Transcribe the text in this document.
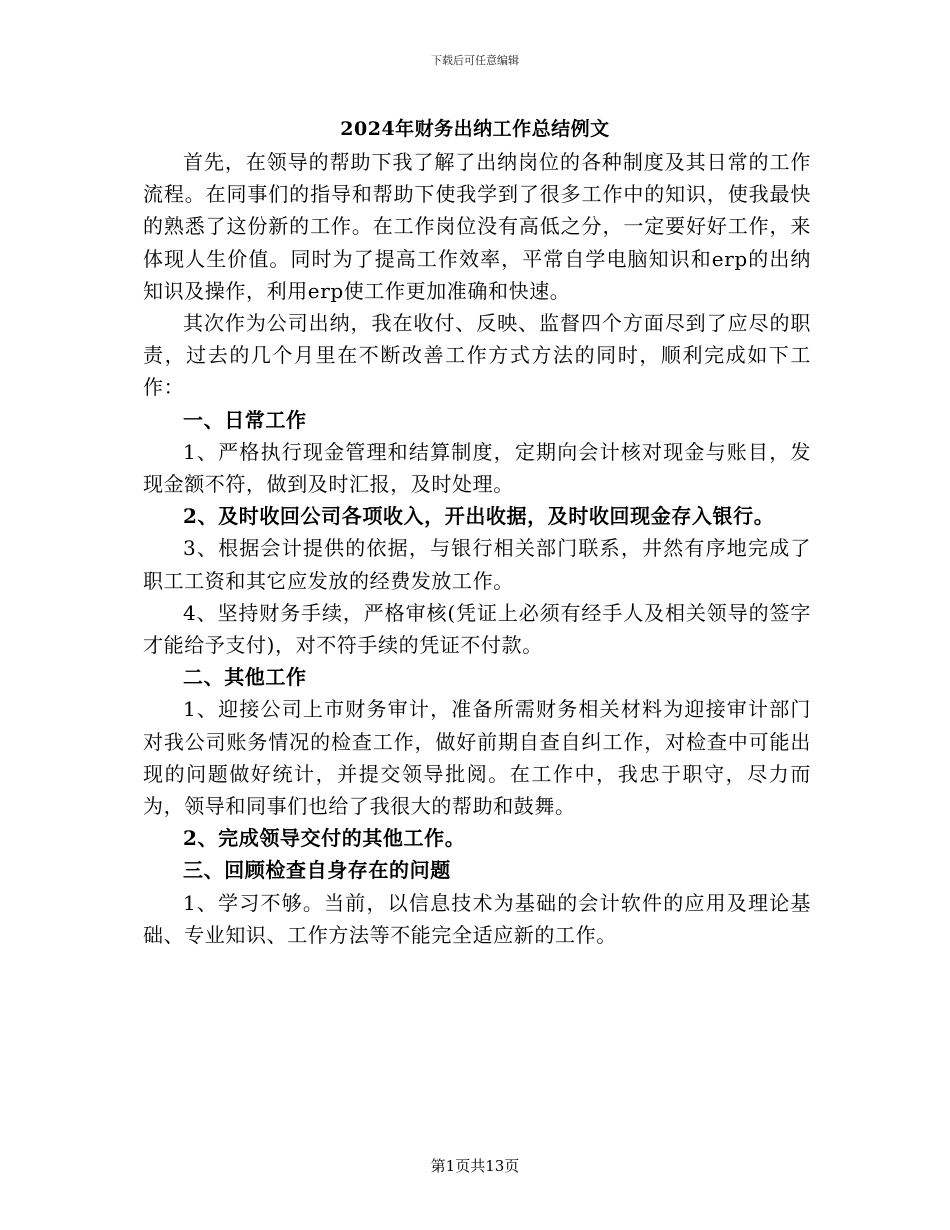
下载后可任意编辑
2024年财务出纳工作总结例文

首先，在领导的帮助下我了解了出纳岗位的各种制度及其日常的工作流程。在同事们的指导和帮助下使我学到了很多工作中的知识，使我最快的熟悉了这份新的工作。在工作岗位没有高低之分，一定要好好工作，来体现人生价值。同时为了提高工作效率，平常自学电脑知识和erp的出纳知识及操作，利用erp使工作更加准确和快速。

其次作为公司出纳，我在收付、反映、监督四个方面尽到了应尽的职责，过去的几个月里在不断改善工作方式方法的同时，顺利完成如下工作：

一、日常工作

1、严格执行现金管理和结算制度，定期向会计核对现金与账目，发现金额不符，做到及时汇报，及时处理。

2、及时收回公司各项收入，开出收据，及时收回现金存入银行。

3、根据会计提供的依据，与银行相关部门联系，井然有序地完成了职工工资和其它应发放的经费发放工作。

4、坚持财务手续，严格审核(凭证上必须有经手人及相关领导的签字才能给予支付)，对不符手续的凭证不付款。

二、其他工作

1、迎接公司上市财务审计，准备所需财务相关材料为迎接审计部门对我公司账务情况的检查工作，做好前期自查自纠工作，对检查中可能出现的问题做好统计，并提交领导批阅。在工作中，我忠于职守，尽力而为，领导和同事们也给了我很大的帮助和鼓舞。

2、完成领导交付的其他工作。

三、回顾检查自身存在的问题

1、学习不够。当前，以信息技术为基础的会计软件的应用及理论基础、专业知识、工作方法等不能完全适应新的工作。

第1页共13页
